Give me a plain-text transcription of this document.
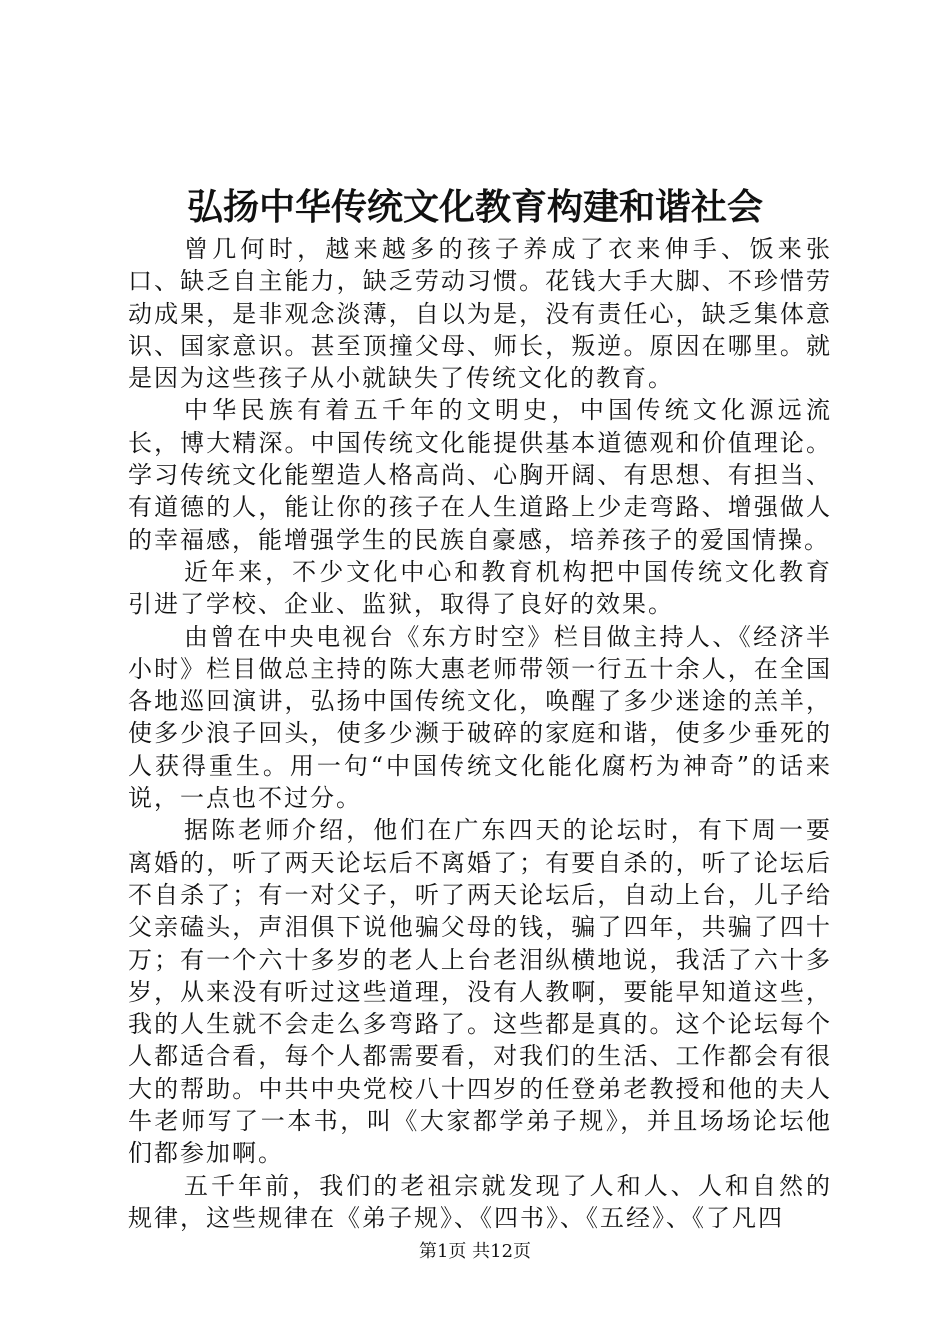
弘扬中华传统文化教育构建和谐社会

曾几何时，越来越多的孩子养成了衣来伸手、饭来张口、缺乏自主能力，缺乏劳动习惯。花钱大手大脚、不珍惜劳动成果，是非观念淡薄，自以为是，没有责任心，缺乏集体意识、国家意识。甚至顶撞父母、师长，叛逆。原因在哪里。就是因为这些孩子从小就缺失了传统文化的教育。

中华民族有着五千年的文明史，中国传统文化源远流长，博大精深。中国传统文化能提供基本道德观和价值理论。学习传统文化能塑造人格高尚、心胸开阔、有思想、有担当、有道德的人，能让你的孩子在人生道路上少走弯路、增强做人的幸福感，能增强学生的民族自豪感，培养孩子的爱国情操。

近年来，不少文化中心和教育机构把中国传统文化教育引进了学校、企业、监狱，取得了良好的效果。

由曾在中央电视台《东方时空》栏目做主持人、《经济半小时》栏目做总主持的陈大惠老师带领一行五十余人，在全国各地巡回演讲，弘扬中国传统文化，唤醒了多少迷途的羔羊，使多少浪子回头，使多少濒于破碎的家庭和谐，使多少垂死的人获得重生。用一句“中国传统文化能化腐朽为神奇”的话来说，一点也不过分。

据陈老师介绍，他们在广东四天的论坛时，有下周一要离婚的，听了两天论坛后不离婚了；有要自杀的，听了论坛后不自杀了；有一对父子，听了两天论坛后，自动上台，儿子给父亲磕头，声泪俱下说他骗父母的钱，骗了四年，共骗了四十万；有一个六十多岁的老人上台老泪纵横地说，我活了六十多岁，从来没有听过这些道理，没有人教啊，要能早知道这些，我的人生就不会走么多弯路了。这些都是真的。这个论坛每个人都适合看，每个人都需要看，对我们的生活、工作都会有很大的帮助。中共中央党校八十四岁的任登弟老教授和他的夫人牛老师写了一本书，叫《大家都学弟子规》，并且场场论坛他们都参加啊。

五千年前，我们的老祖宗就发现了人和人、人和自然的规律，这些规律在《弟子规》、《四书》、《五经》、《了凡四

第1页 共12页
